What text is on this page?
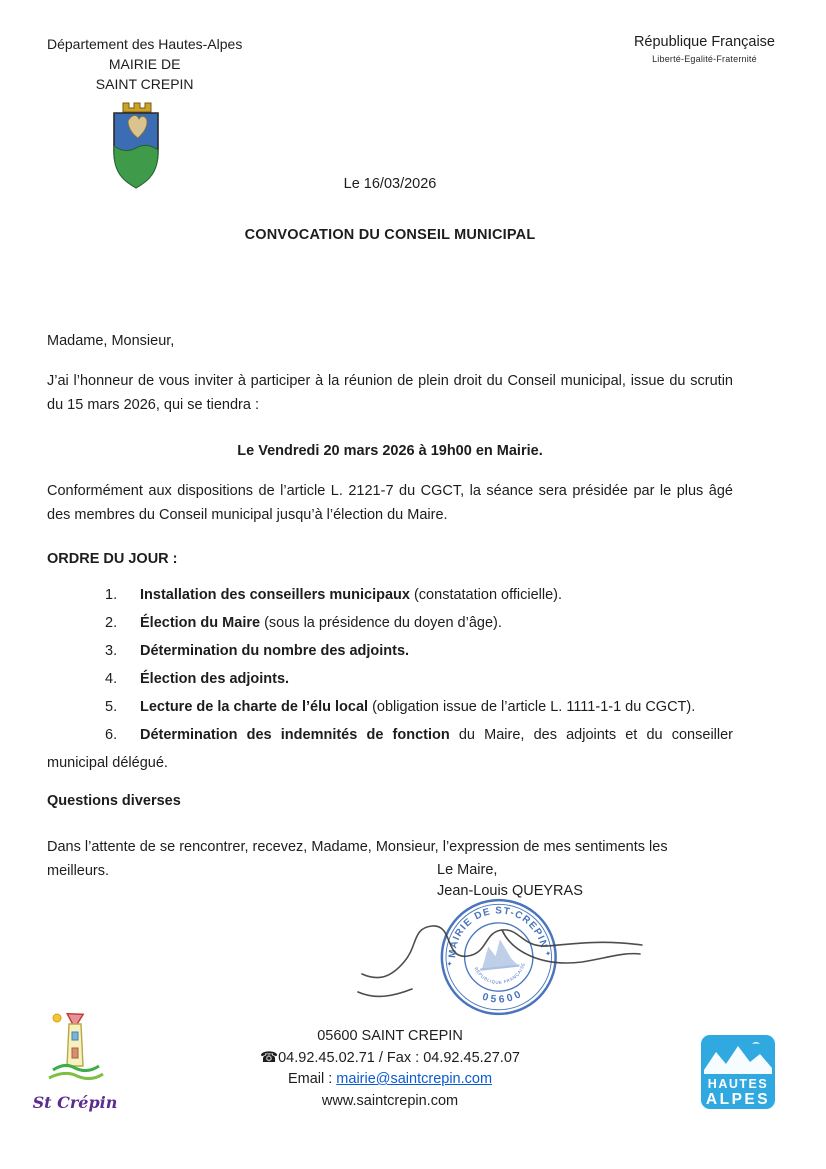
Département des Hautes-Alpes
MAIRIE DE
SAINT CREPIN
République Française
Liberté-Egalité-Fraternité
Le 16/03/2026
CONVOCATION DU CONSEIL MUNICIPAL
Madame, Monsieur,
J’ai l’honneur de vous inviter à participer à la réunion de plein droit du Conseil municipal, issue du scrutin du 15 mars 2026, qui se tiendra :
Le Vendredi 20 mars 2026 à 19h00 en Mairie.
Conformément aux dispositions de l’article L. 2121-7 du CGCT, la séance sera présidée par le plus âgé des membres du Conseil municipal jusqu’à l’élection du Maire.
ORDRE DU JOUR :
1. Installation des conseillers municipaux (constatation officielle).
2. Élection du Maire (sous la présidence du doyen d’âge).
3. Détermination du nombre des adjoints.
4. Élection des adjoints.
5. Lecture de la charte de l’élu local (obligation issue de l’article L. 1111-1-1 du CGCT).
6. Détermination des indemnités de fonction du Maire, des adjoints et du conseiller municipal délégué.
Questions diverses
Dans l’attente de se rencontrer, recevez, Madame, Monsieur, l’expression de mes sentiments les meilleurs.	Le Maire,
Jean-Louis QUEYRAS
MAIRIE DE ST-CREPIN
05600
RÉPUBLIQUE FRANÇAISE
✦
✦
05600 SAINT CREPIN
☎04.92.45.02.71 / Fax : 04.92.45.27.07
Email : mairie@saintcrepin.com
www.saintcrepin.com
St Crépin
HAUTES
ALPES
